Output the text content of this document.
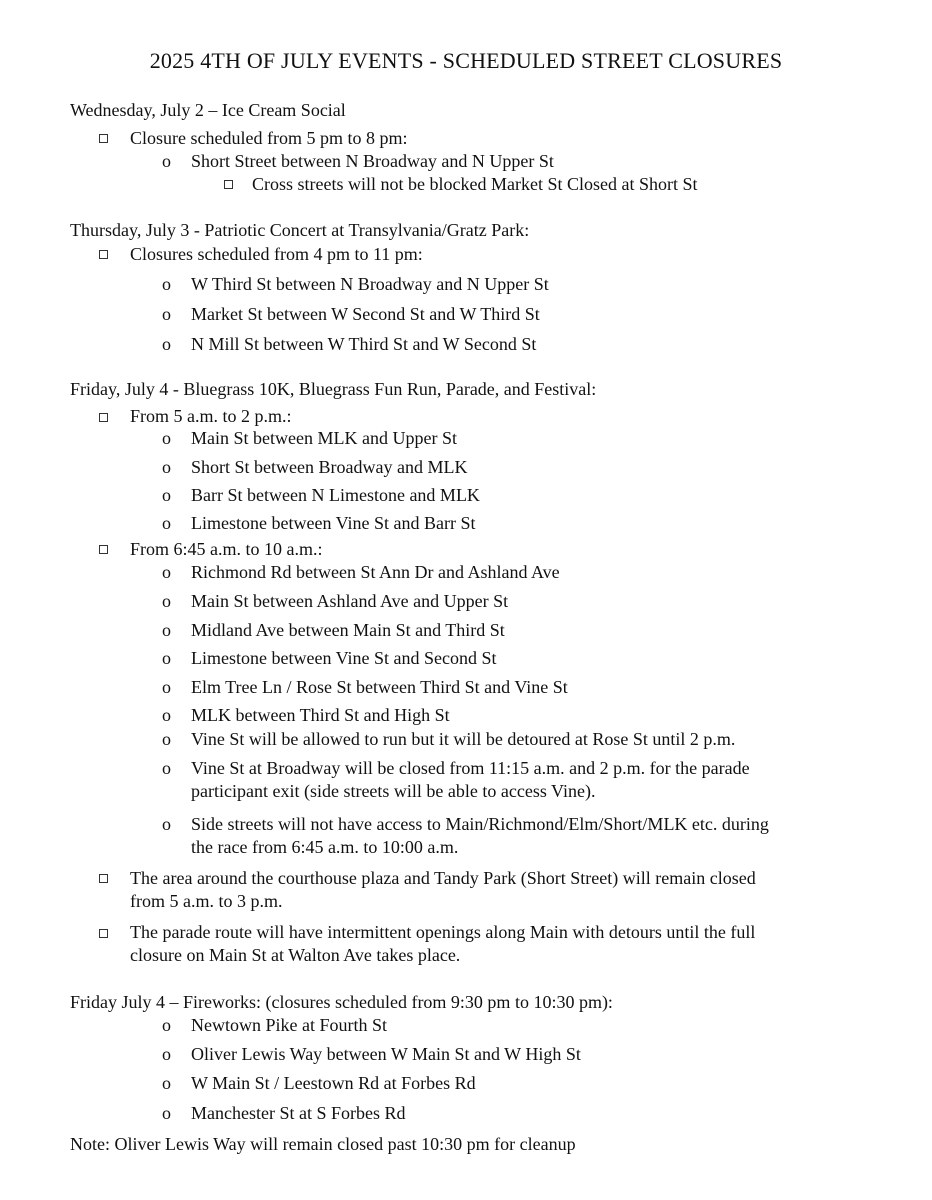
2025 4TH OF JULY EVENTS - SCHEDULED STREET CLOSURES
Wednesday, July 2 – Ice Cream Social
Closure scheduled from 5 pm to 8 pm:
o Short Street between N Broadway and N Upper St
Cross streets will not be blocked Market St Closed at Short St
Thursday, July 3 - Patriotic Concert at Transylvania/Gratz Park:
Closures scheduled from 4 pm to 11 pm:
o W Third St between N Broadway and N Upper St
o Market St between W Second St and W Third St
o N Mill St between W Third St and W Second St
Friday, July 4 - Bluegrass 10K, Bluegrass Fun Run, Parade, and Festival:
From 5 a.m. to 2 p.m.:
o Main St between MLK and Upper St
o Short St between Broadway and MLK
o Barr St between N Limestone and MLK
o Limestone between Vine St and Barr St
From 6:45 a.m. to 10 a.m.:
o Richmond Rd between St Ann Dr and Ashland Ave
o Main St between Ashland Ave and Upper St
o Midland Ave between Main St and Third St
o Limestone between Vine St and Second St
o Elm Tree Ln / Rose St between Third St and Vine St
o MLK between Third St and High St
o Vine St will be allowed to run but it will be detoured at Rose St until 2 p.m.
o Vine St at Broadway will be closed from 11:15 a.m. and 2 p.m. for the parade
participant exit (side streets will be able to access Vine).
o Side streets will not have access to Main/Richmond/Elm/Short/MLK etc. during
the race from 6:45 a.m. to 10:00 a.m.
The area around the courthouse plaza and Tandy Park (Short Street) will remain closed
from 5 a.m. to 3 p.m.
The parade route will have intermittent openings along Main with detours until the full
closure on Main St at Walton Ave takes place.
Friday July 4 – Fireworks: (closures scheduled from 9:30 pm to 10:30 pm):
o Newtown Pike at Fourth St
o Oliver Lewis Way between W Main St and W High St
o W Main St / Leestown Rd at Forbes Rd
o Manchester St at S Forbes Rd
Note: Oliver Lewis Way will remain closed past 10:30 pm for cleanup
